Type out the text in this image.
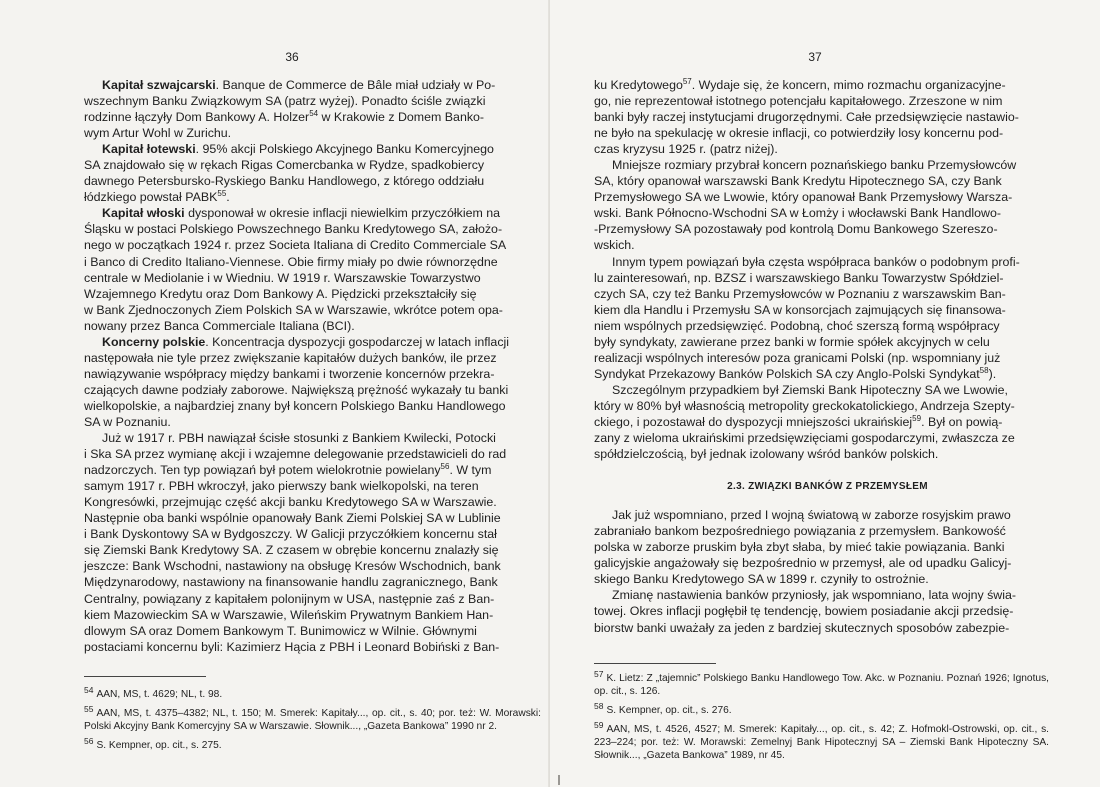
36

Kapitał szwajcarski. Banque de Commerce de Bâle miał udziały w Po-
wszechnym Banku Związkowym SA (patrz wyżej). Ponadto ściśle związki
rodzinne łączyły Dom Bankowy A. Holzer$^{54}$ w Krakowie z Domem Banko-
wym Artur Wohl w Zurichu.

Kapitał łotewski. 95% akcji Polskiego Akcyjnego Banku Komercyjnego
SA znajdowało się w rękach Rigas Comercbanka w Rydze, spadkobiercy
dawnego Petersbursko-Ryskiego Banku Handlowego, z którego oddziału
łódzkiego powstał PABK$^{55}$.

Kapitał włoski dysponował w okresie inflacji niewielkim przyczółkiem na
Śląsku w postaci Polskiego Powszechnego Banku Kredytowego SA, założo-
nego w początkach 1924 r. przez Societa Italiana di Credito Commerciale SA
i Banco di Credito Italiano-Viennese. Obie firmy miały po dwie równorzędne
centrale w Mediolanie i w Wiedniu. W 1919 r. Warszawskie Towarzystwo
Wzajemnego Kredytu oraz Dom Bankowy A. Piędzicki przekształciły się
w Bank Zjednoczonych Ziem Polskich SA w Warszawie, wkrótce potem opa-
nowany przez Banca Commerciale Italiana (BCI).

Koncerny polskie. Koncentracja dyspozycji gospodarczej w latach inflacji
następowała nie tyle przez zwiększanie kapitałów dużych banków, ile przez
nawiązywanie współpracy między bankami i tworzenie koncernów przekra-
czających dawne podziały zaborowe. Największą prężność wykazały tu banki
wielkopolskie, a najbardziej znany był koncern Polskiego Banku Handlowego
SA w Poznaniu.

Już w 1917 r. PBH nawiązał ścisłe stosunki z Bankiem Kwilecki, Potocki
i Ska SA przez wymianę akcji i wzajemne delegowanie przedstawicieli do rad
nadzorczych. Ten typ powiązań był potem wielokrotnie powielany$^{56}$. W tym
samym 1917 r. PBH wkroczył, jako pierwszy bank wielkopolski, na teren
Kongresówki, przejmując część akcji banku Kredytowego SA w Warszawie.
Następnie oba banki wspólnie opanowały Bank Ziemi Polskiej SA w Lublinie
i Bank Dyskontowy SA w Bydgoszczy. W Galicji przyczółkiem koncernu stał
się Ziemski Bank Kredytowy SA. Z czasem w obrębie koncernu znalazły się
jeszcze: Bank Wschodni, nastawiony na obsługę Kresów Wschodnich, bank
Międzynarodowy, nastawiony na finansowanie handlu zagranicznego, Bank
Centralny, powiązany z kapitałem polonijnym w USA, następnie zaś z Ban-
kiem Mazowieckim SA w Warszawie, Wileńskim Prywatnym Bankiem Han-
dlowym SA oraz Domem Bankowym T. Bunimowicz w Wilnie. Głównymi
postaciami koncernu byli: Kazimierz Hącia z PBH i Leonard Bobiński z Ban-

$^{54}$ AAN, MS, t. 4629; NL, t. 98.

$^{55}$ AAN, MS, t. 4375–4382; NL, t. 150; M. Smerek: Kapitały..., op. cit., s. 40; por. też: W. Morawski: Polski Akcyjny Bank Komercyjny SA w Warszawie. Słownik..., „Gazeta Bankowa” 1990 nr 2.

$^{56}$ S. Kempner, op. cit., s. 275.

37

ku Kredytowego$^{57}$. Wydaje się, że koncern, mimo rozmachu organizacyjne-
go, nie reprezentował istotnego potencjału kapitałowego. Zrzeszone w nim
banki były raczej instytucjami drugorzędnymi. Całe przedsięwzięcie nastawio-
ne było na spekulację w okresie inflacji, co potwierdziły losy koncernu pod-
czas kryzysu 1925 r. (patrz niżej).

Mniejsze rozmiary przybrał koncern poznańskiego banku Przemysłowców
SA, który opanował warszawski Bank Kredytu Hipotecznego SA, czy Bank
Przemysłowego SA we Lwowie, który opanował Bank Przemysłowy Warsza-
wski. Bank Północno-Wschodni SA w Łomży i włocławski Bank Handlowo-
-Przemysłowy SA pozostawały pod kontrolą Domu Bankowego Szereszo-
wskich.

Innym typem powiązań była częsta współpraca banków o podobnym profi-
lu zainteresowań, np. BZSZ i warszawskiego Banku Towarzystw Spółdziel-
czych SA, czy też Banku Przemysłowców w Poznaniu z warszawskim Ban-
kiem dla Handlu i Przemysłu SA w konsorcjach zajmujących się finansowa-
niem wspólnych przedsięwzięć. Podobną, choć szerszą formą współpracy
były syndykaty, zawierane przez banki w formie spółek akcyjnych w celu
realizacji wspólnych interesów poza granicami Polski (np. wspomniany już
Syndykat Przekazowy Banków Polskich SA czy Anglo-Polski Syndykat$^{58}$).

Szczególnym przypadkiem był Ziemski Bank Hipoteczny SA we Lwowie,
który w 80% był własnością metropolity greckokatolickiego, Andrzeja Szepty-
ckiego, i pozostawał do dyspozycji mniejszości ukraińskiej$^{59}$. Był on powią-
zany z wieloma ukraińskimi przedsięwzięciami gospodarczymi, zwłaszcza ze
spółdzielczością, był jednak izolowany wśród banków polskich.

2.3. ZWIĄZKI BANKÓW Z PRZEMYSŁEM

Jak już wspomniano, przed I wojną światową w zaborze rosyjskim prawo
zabraniało bankom bezpośredniego powiązania z przemysłem. Bankowość
polska w zaborze pruskim była zbyt słaba, by mieć takie powiązania. Banki
galicyjskie angażowały się bezpośrednio w przemysł, ale od upadku Galicyj-
skiego Banku Kredytowego SA w 1899 r. czyniły to ostrożnie.

Zmianę nastawienia banków przyniosły, jak wspomniano, lata wojny świa-
towej. Okres inflacji pogłębił tę tendencję, bowiem posiadanie akcji przedsię-
biorstw banki uważały za jeden z bardziej skutecznych sposobów zabezpie-

$^{57}$ K. Lietz: Z „tajemnic” Polskiego Banku Handlowego Tow. Akc. w Poznaniu. Poznań 1926; Ignotus, op. cit., s. 126.

$^{58}$ S. Kempner, op. cit., s. 276.

$^{59}$ AAN, MS, t. 4526, 4527; M. Smerek: Kapitały..., op. cit., s. 42; Z. Hofmokl-Ostrowski, op. cit., s. 223–224; por. też: W. Morawski: Zemelnyj Bank Hipotecznyj SA – Ziemski Bank Hipoteczny SA. Słownik..., „Gazeta Bankowa” 1989, nr 45.
